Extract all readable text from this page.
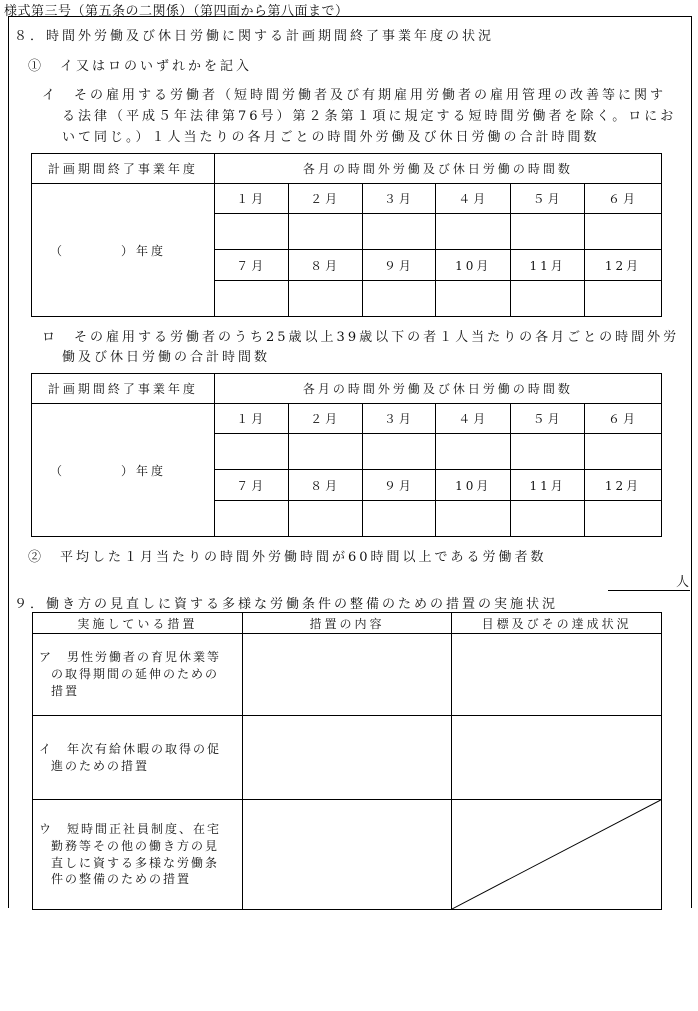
様式第三号（第五条の二関係）（第四面から第八面まで）
８．時間外労働及び休日労働に関する計画期間終了事業年度の状況
①　イ又はロのいずれかを記入
イ　その雇用する労働者（短時間労働者及び有期雇用労働者の雇用管理の改善等に関す
る法律（平成５年法律第76号）第２条第１項に規定する短時間労働者を除く。ロにお
いて同じ。）１人当たりの各月ごとの時間外労働及び休日労働の合計時間数
計画期間終了事業年度	各月の時間外労働及び休日労働の時間数					
（ ）年度	１月	２月	３月	４月	５月	６月

	７月	８月	９月	10月	11月	12月

ロ　その雇用する労働者のうち25歳以上39歳以下の者１人当たりの各月ごとの時間外労
働及び休日労働の合計時間数
計画期間終了事業年度	各月の時間外労働及び休日労働の時間数					
（ ）年度	１月	２月	３月	４月	５月	６月

	７月	８月	９月	10月	11月	12月

②　平均した１月当たりの時間外労働時間が60時間以上である労働者数
人
９．働き方の見直しに資する多様な労働条件の整備のための措置の実施状況
実施している措置	措置の内容	目標及びその達成状況

ア　男性労働者の育児休業等
の取得期間の延伸のための
措置		

イ　年次有給休暇の取得の促
進のための措置		

ウ　短時間正社員制度、在宅
勤務等その他の働き方の見
直しに資する多様な労働条
件の整備のための措置
